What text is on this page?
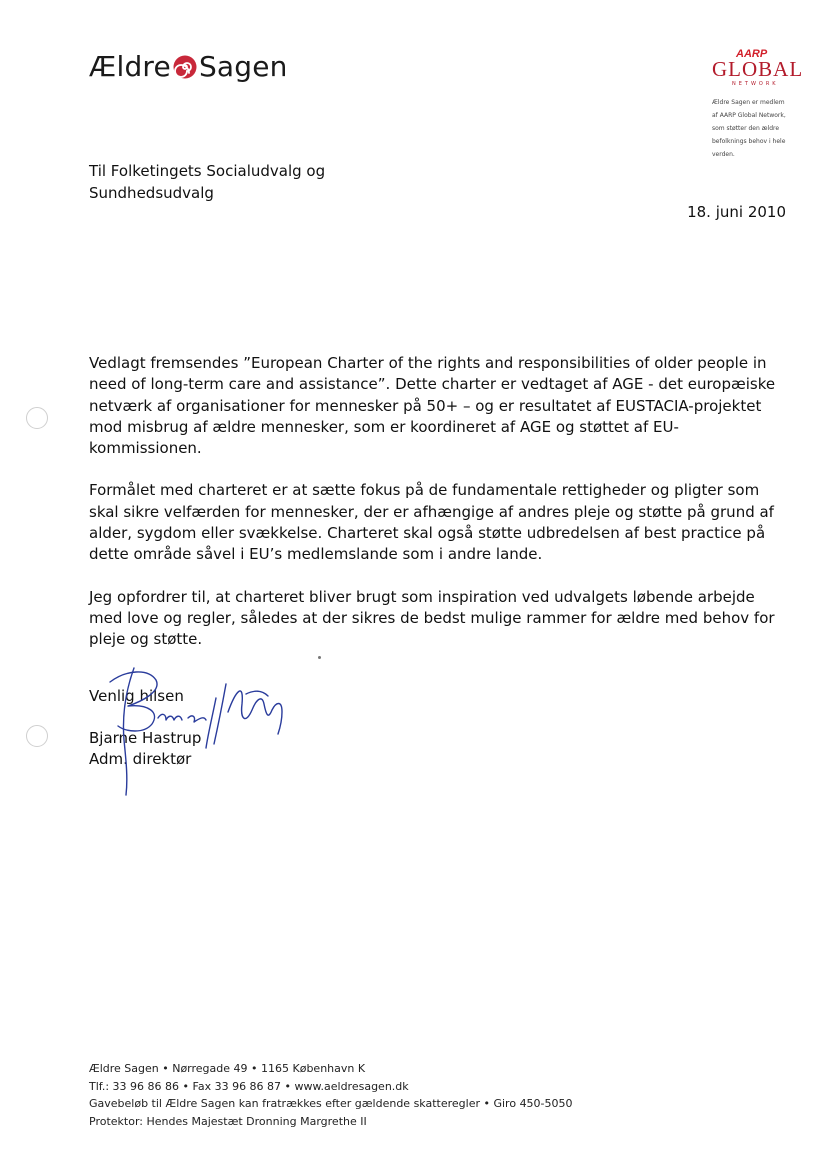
Ældre Sagen	AARP
GLOBAL
NETWORK
Ældre Sagen er medlem af AARP Global Network, som støtter den ældre befolknings behov i hele verden.
Til Folketingets Socialudvalg og
Sundhedsudvalg
18. juni 2010

Vedlagt fremsendes ”European Charter of the rights and responsibilities of older people in need of long-term care and assistance”. Dette charter er vedtaget af AGE - det europæiske netværk af organisationer for mennesker på 50+ – og er resultatet af EUSTACIA-projektet mod misbrug af ældre mennesker, som er koordineret af AGE og støttet af EU-kommissionen.

Formålet med charteret er at sætte fokus på de fundamentale rettigheder og pligter som skal sikre velfærden for mennesker, der er afhængige af andres pleje og støtte på grund af alder, sygdom eller svækkelse. Charteret skal også støtte udbredelsen af best practice på dette område såvel i EU’s medlemslande som i andre lande.

Jeg opfordrer til, at charteret bliver brugt som inspiration ved udvalgets løbende arbejde med love og regler, således at der sikres de bedst mulige rammer for ældre med behov for pleje og støtte.

Venlig hilsen
Bjarne Hastrup
Adm. direktør
Ældre Sagen • Nørregade 49 • 1165 København K
Tlf.: 33 96 86 86 • Fax 33 96 86 87 • www.aeldresagen.dk
Gavebeløb til Ældre Sagen kan fratrækkes efter gældende skatteregler • Giro 450-5050
Protektor: Hendes Majestæt Dronning Margrethe II
